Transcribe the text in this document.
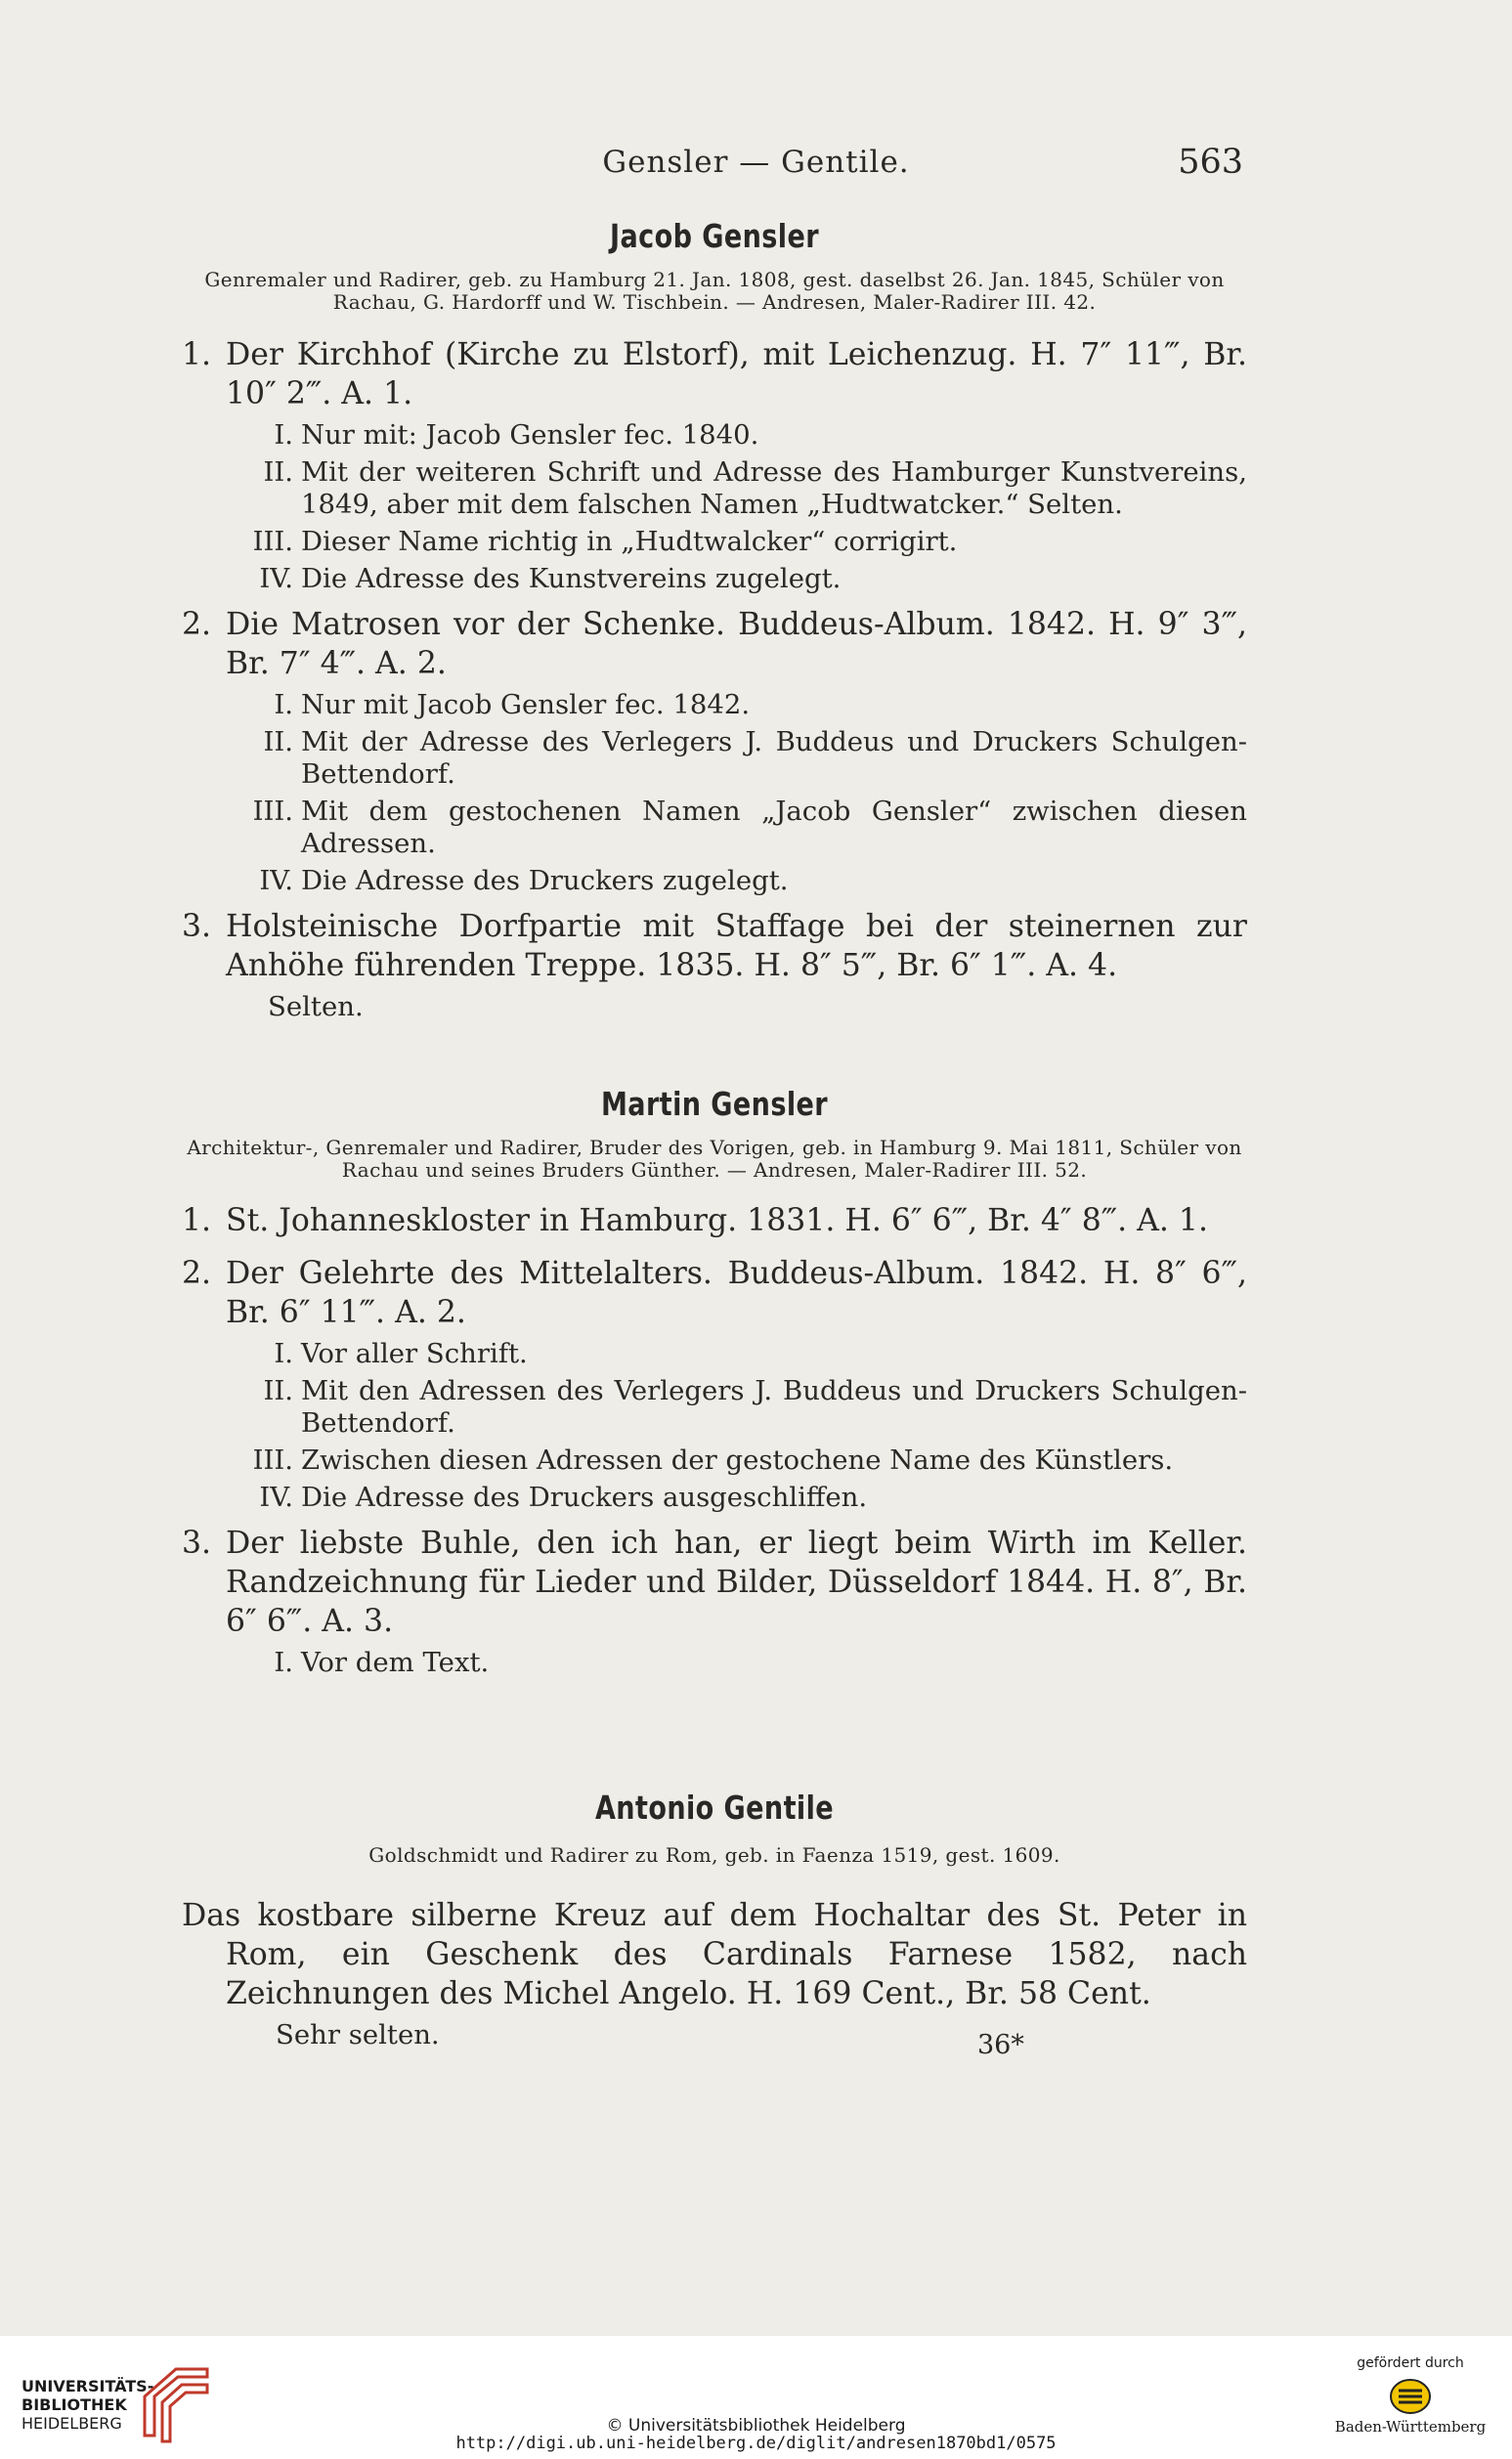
Gensler — Gentile.	563
Jacob Gensler

Genremaler und Radirer, geb. zu Hamburg 21. Jan. 1808, gest. daselbst 26. Jan. 1845, Schüler von Rachau, G. Hardorff und W. Tischbein. — Andresen, Maler-Radirer III. 42.

1. Der Kirchhof (Kirche zu Elstorf), mit Leichenzug. H. 7″ 11‴, Br. 10″ 2‴. A. 1.
I. Nur mit: Jacob Gensler fec. 1840.
II. Mit der weiteren Schrift und Adresse des Hamburger Kunstvereins, 1849, aber mit dem falschen Namen „Hudtwatcker.“ Selten.
III. Dieser Name richtig in „Hudtwalcker“ corrigirt.
IV. Die Adresse des Kunstvereins zugelegt.
2. Die Matrosen vor der Schenke. Buddeus-Album. 1842. H. 9″ 3‴, Br. 7″ 4‴. A. 2.
I. Nur mit Jacob Gensler fec. 1842.
II. Mit der Adresse des Verlegers J. Buddeus und Druckers Schulgen-Bettendorf.
III. Mit dem gestochenen Namen „Jacob Gensler“ zwischen diesen Adressen.
IV. Die Adresse des Druckers zugelegt.
3. Holsteinische Dorfpartie mit Staffage bei der steinernen zur Anhöhe führenden Treppe. 1835. H. 8″ 5‴, Br. 6″ 1‴. A. 4.
Selten.
Martin Gensler

Architektur-, Genremaler und Radirer, Bruder des Vorigen, geb. in Hamburg 9. Mai 1811, Schüler von Rachau und seines Bruders Günther. — Andresen, Maler-Radirer III. 52.

1. St. Johanneskloster in Hamburg. 1831. H. 6″ 6‴, Br. 4″ 8‴. A. 1.
2. Der Gelehrte des Mittelalters. Buddeus-Album. 1842. H. 8″ 6‴, Br. 6″ 11‴. A. 2.
I. Vor aller Schrift.
II. Mit den Adressen des Verlegers J. Buddeus und Druckers Schulgen-Bettendorf.
III. Zwischen diesen Adressen der gestochene Name des Künstlers.
IV. Die Adresse des Druckers ausgeschliffen.
3. Der liebste Buhle, den ich han, er liegt beim Wirth im Keller. Randzeichnung für Lieder und Bilder, Düsseldorf 1844. H. 8″, Br. 6″ 6‴. A. 3.
I. Vor dem Text.
Antonio Gentile

Goldschmidt und Radirer zu Rom, geb. in Faenza 1519, gest. 1609.

Das kostbare silberne Kreuz auf dem Hochaltar des St. Peter in Rom, ein Geschenk des Cardinals Farnese 1582, nach Zeichnungen des Michel Angelo. H. 169 Cent., Br. 58 Cent.
Sehr selten.	36*
UNIVERSITÄTS-
BIBLIOTHEK
HEIDELBERG	© Universitätsbibliothek Heidelberg
http://digi.ub.uni-heidelberg.de/diglit/andresen1870bd1/0575
gefördert durch
Baden-Württemberg
